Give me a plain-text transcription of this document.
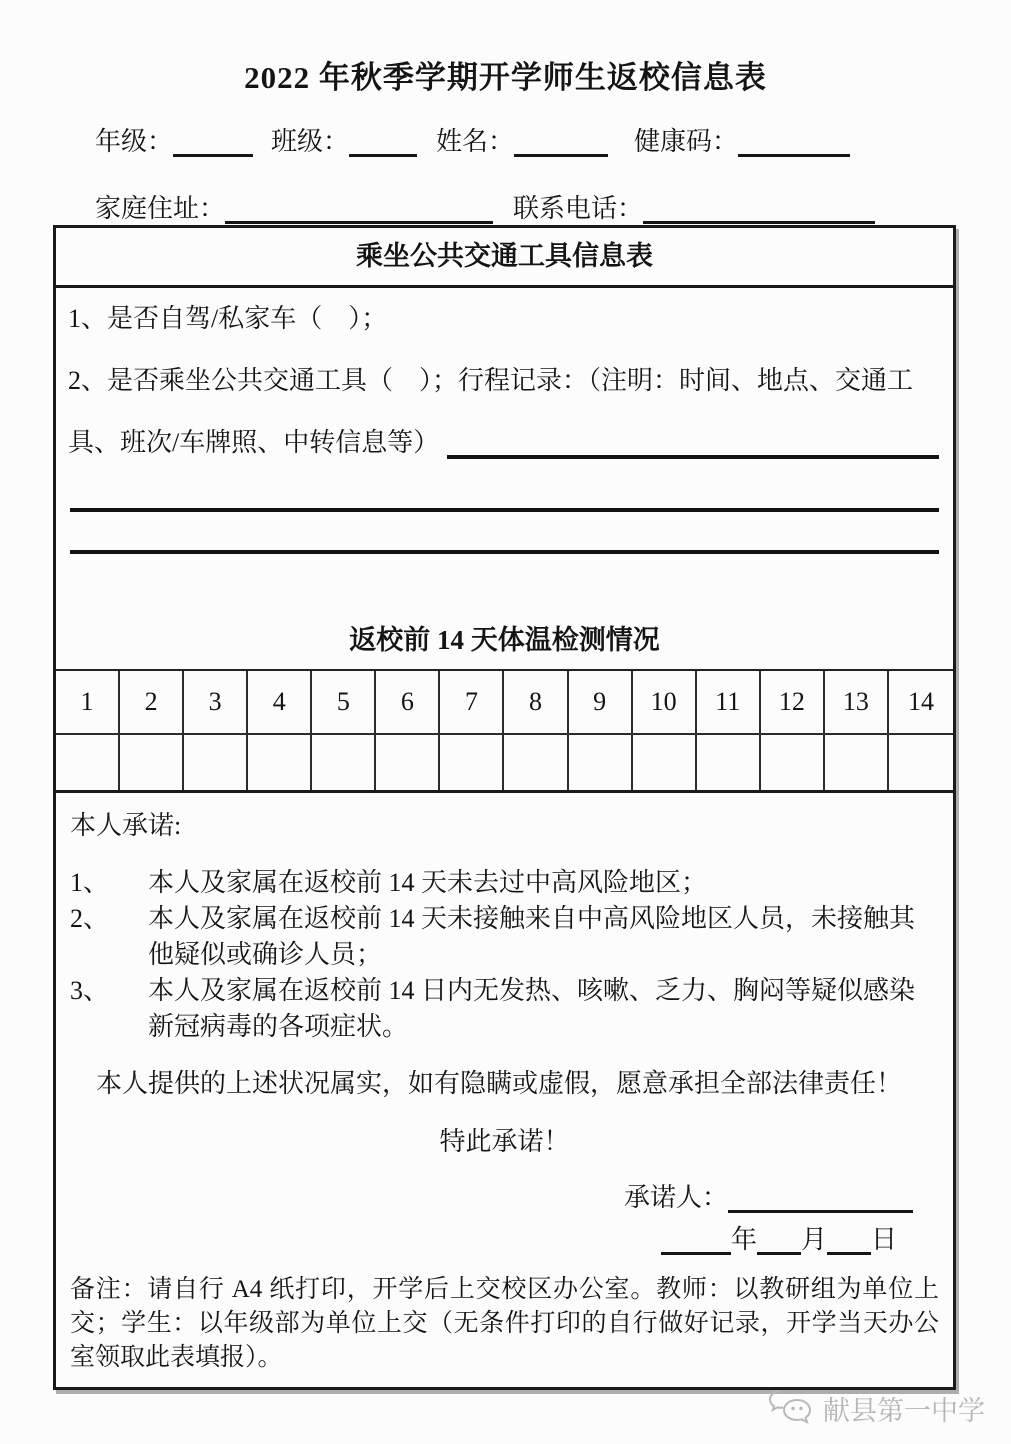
2022 年秋季学期开学师生返校信息表
年级：	班级：	姓名：	健康码：
家庭住址：	联系电话：
乘坐公共交通工具信息表

1、是否自驾/私家车（　）；

2、是否乘坐公共交通工具（　）；行程记录：（注明：时间、地点、交通工

具、班次/车牌照、中转信息等）

返校前 14 天体温检测情况
1	2	3	4	5	6	7	8	9	10	11	12	13	14

本人承诺:

1、	本人及家属在返校前 14 天未去过中高风险地区；
2、	本人及家属在返校前 14 天未接触来自中高风险地区人员，未接触其他疑似或确诊人员；
3、	本人及家属在返校前 14 日内无发热、咳嗽、乏力、胸闷等疑似感染新冠病毒的各项症状。

本人提供的上述状况属实，如有隐瞒或虚假，愿意承担全部法律责任！

特此承诺！

承诺人：
年 月 日

备注：请自行 A4 纸打印，开学后上交校区办公室。教师：以教研组为单位上交；学生：以年级部为单位上交（无条件打印的自行做好记录，开学当天办公室领取此表填报）。

献县第一中学
